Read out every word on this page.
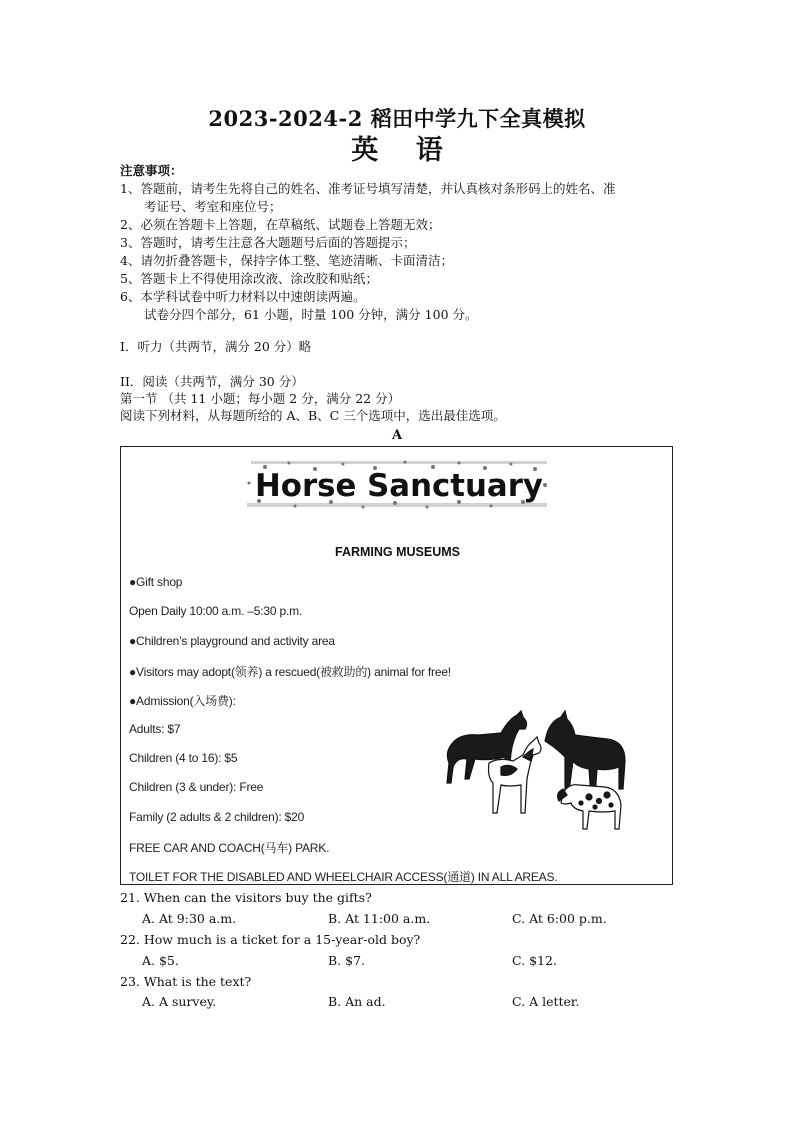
2023-2024-2 稻田中学九下全真模拟
英 语
注意事项：
1、答题前，请考生先将自己的姓名、准考证号填写清楚，并认真核对条形码上的姓名、准
考证号、考室和座位号；
2、必须在答题卡上答题，在草稿纸、试题卷上答题无效；
3、答题时，请考生注意各大题题号后面的答题提示；
4、请勿折叠答题卡，保持字体工整、笔迹清晰、卡面清洁；
5、答题卡上不得使用涂改液、涂改胶和贴纸；
6、本学科试卷中听力材料以中速朗读两遍。
试卷分四个部分，61 小题，时量 100 分钟，满分 100 分。
I．听力（共两节，满分 20 分）略
II．阅读（共两节，满分 30 分）
第一节 （共 11 小题；每小题 2 分，满分 22 分）
阅读下列材料，从每题所给的 A、B、C 三个选项中，选出最佳选项。
A
Horse Sanctuary
FARMING MUSEUMS
●Gift shop
Open Daily 10:00 a.m. –5:30 p.m.
●Children’s playground and activity area
●Visitors may adopt(领养) a rescued(被救助的) animal for free!
●Admission(入场费):
Adults: $7
Children (4 to 16): $5
Children (3 & under): Free
Family (2 adults & 2 children): $20
FREE CAR AND COACH(马车) PARK.
TOILET FOR THE DISABLED AND WHEELCHAIR ACCESS(通道) IN ALL AREAS.
21. When can the visitors buy the gifts?
A. At 9:30 a.m.	B. At 11:00 a.m.	C. At 6:00 p.m.
22. How much is a ticket for a 15-year-old boy?
A. $5.	B. $7.	C. $12.
23. What is the text?
A. A survey.	B. An ad.	C. A letter.
